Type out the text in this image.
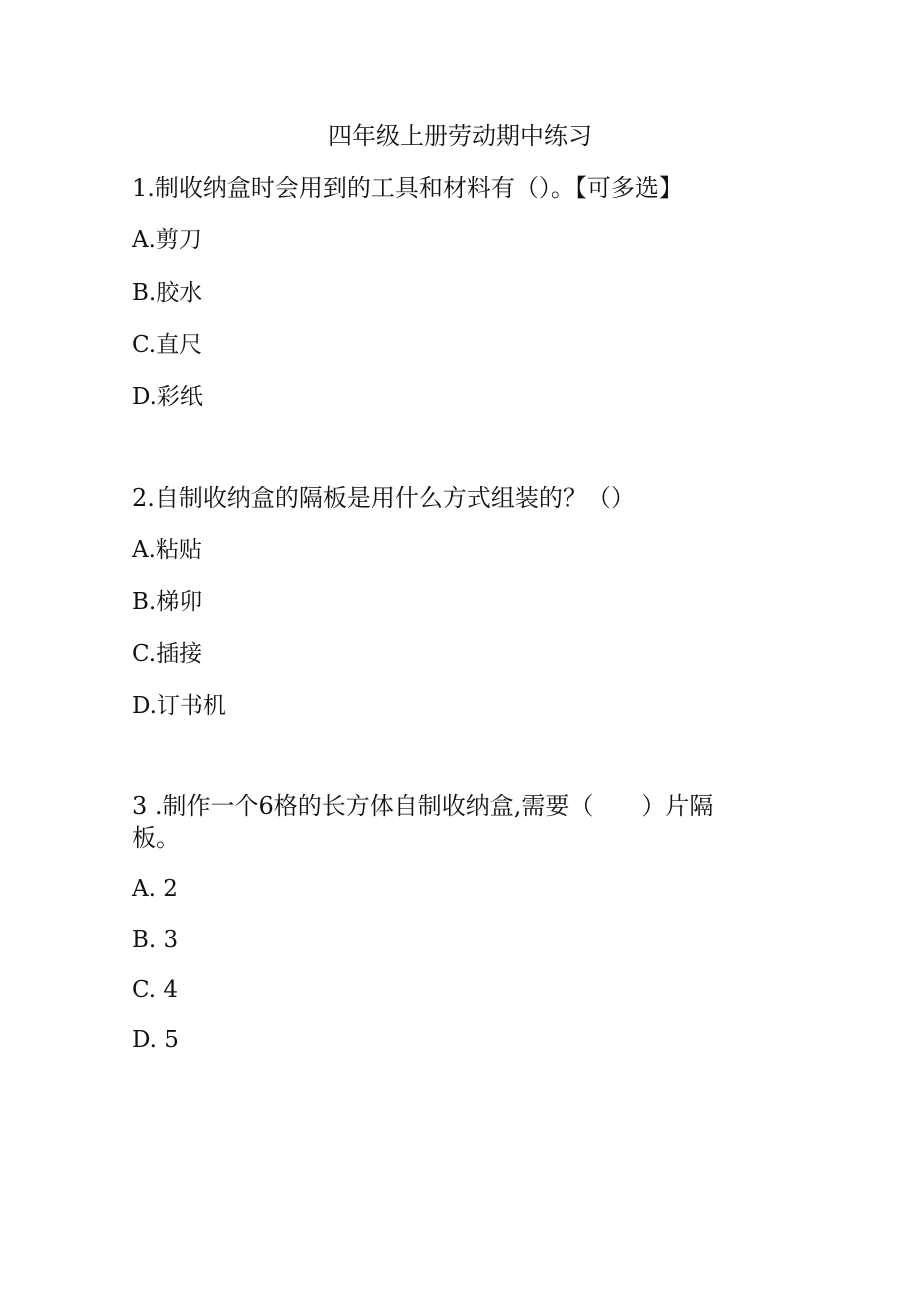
四年级上册劳动期中练习
1.制收纳盒时会用到的工具和材料有（）。【可多选】
A.剪刀
B.胶水
C.直尺
D.彩纸
2.自制收纳盒的隔板是用什么方式组装的？（）
A.粘贴
B.梯卯
C.插接
D.订书机
3 .制作一个6格的长方体自制收纳盒,需要（　　）片隔
板。
A. 2
B. 3
C. 4
D. 5
